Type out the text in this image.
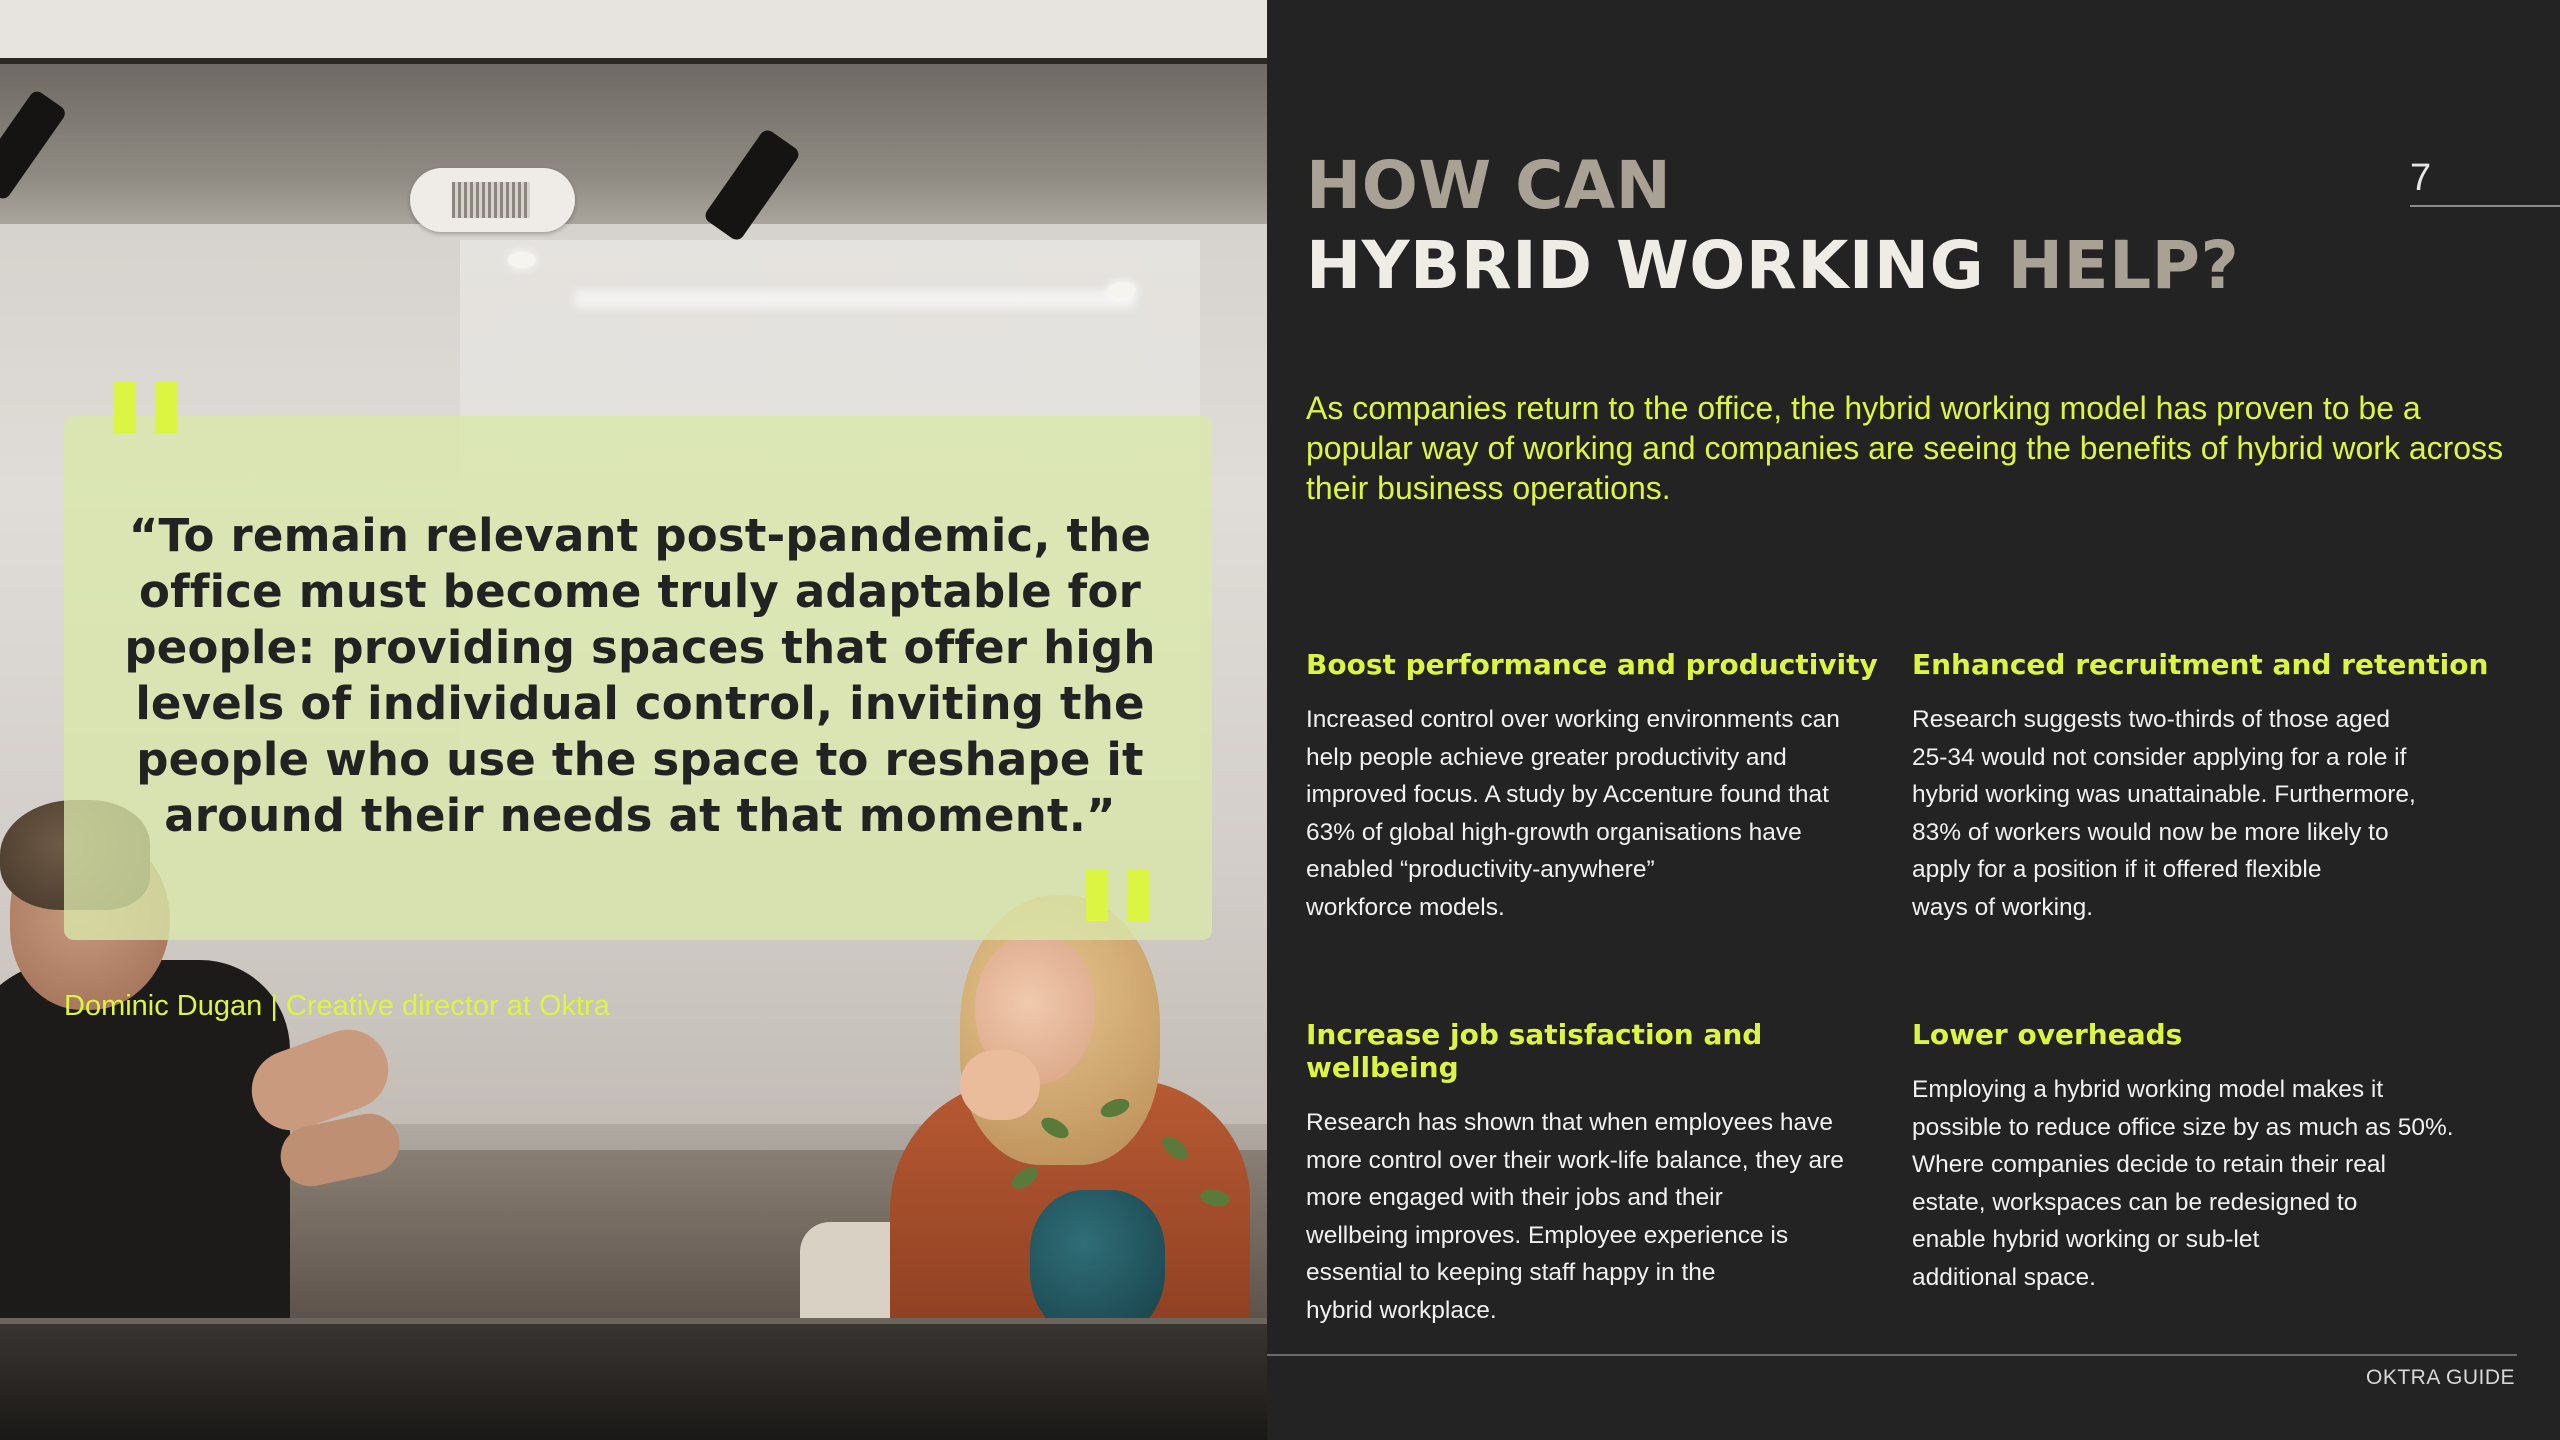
"
"
“To remain relevant post-pandemic, the office must become truly adaptable for people: providing spaces that offer high levels of individual control, inviting the people who use the space to reshape it around their needs at that moment.”
Dominic Dugan | Creative director at Oktra
HOW CAN
HYBRID WORKING HELP?
7
As companies return to the office, the hybrid working model has proven to be a popular way of working and companies are seeing the benefits of hybrid work across their business operations.
Boost performance and productivity

Increased control over working environments can
help people achieve greater productivity and
improved focus. A study by Accenture found that
63% of global high-growth organisations have
enabled “productivity-anywhere”
workforce models.

Enhanced recruitment and retention

Research suggests two-thirds of those aged
25-34 would not consider applying for a role if
hybrid working was unattainable. Furthermore,
83% of workers would now be more likely to
apply for a position if it offered flexible
ways of working.

Increase job satisfaction and wellbeing

Research has shown that when employees have
more control over their work-life balance, they are
more engaged with their jobs and their
wellbeing improves. Employee experience is
essential to keeping staff happy in the
hybrid workplace.

Lower overheads

Employing a hybrid working model makes it
possible to reduce office size by as much as 50%.
Where companies decide to retain their real
estate, workspaces can be redesigned to
enable hybrid working or sub-let
additional space.

OKTRA GUIDE
